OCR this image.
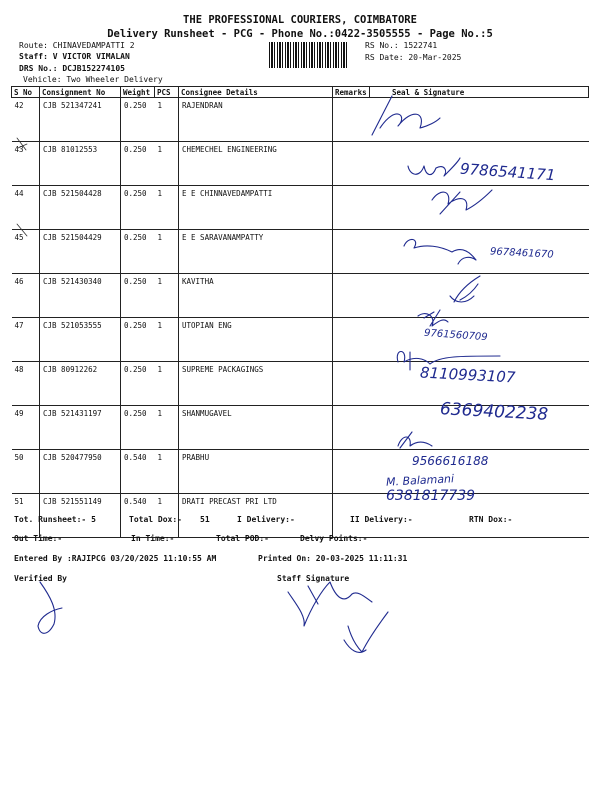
THE PROFESSIONAL COURIERS, COIMBATORE
Delivery Runsheet - PCG - Phone No.:0422-3505555 - Page No.:5
Route: CHINAVEDAMPATTI 2
Staff: V VICTOR VIMALAN
DRS No.: DCJB152274105
Vehicle: Two Wheeler Delivery
RS No.: 1522741
RS Date: 20-Mar-2025
S No	Consignment No	Weight	PCS	Consignee Details	Remarks	Seal & Signature
42	CJB 521347241	0.250	1	RAJENDRAN		
43	CJB 81012553	0.250	1	CHEMECHEL ENGINEERING		
44	CJB 521504428	0.250	1	E E CHINNAVEDAMPATTI		
45	CJB 521504429	0.250	1	E E SARAVANAMPATTY		
46	CJB 521430340	0.250	1	KAVITHA		
47	CJB 521053555	0.250	1	UTOPIAN ENG		
48	CJB 80912262	0.250	1	SUPREME PACKAGINGS		
49	CJB 521431197	0.250	1	SHANMUGAVEL		
50	CJB 520477950	0.540	1	PRABHU		
51	CJB 521551149	0.540	1	DRATI PRECAST PRI LTD		
9786541171
9678461670
9761560709
8110993107
6369402238
9566616188
M. Balamani
6381817739
Tot. Runsheet:- 5	Total Dox:- 51	I Delivery:-	II Delivery:-	RTN Dox:-
Out Time:-	In Time:-	Total POD:-	Delvy Points:-
Entered By :RAJIPCG 03/20/2025 11:10:55 AM	Printed On: 20-03-2025 11:11:31
Verified By	Staff Signature
